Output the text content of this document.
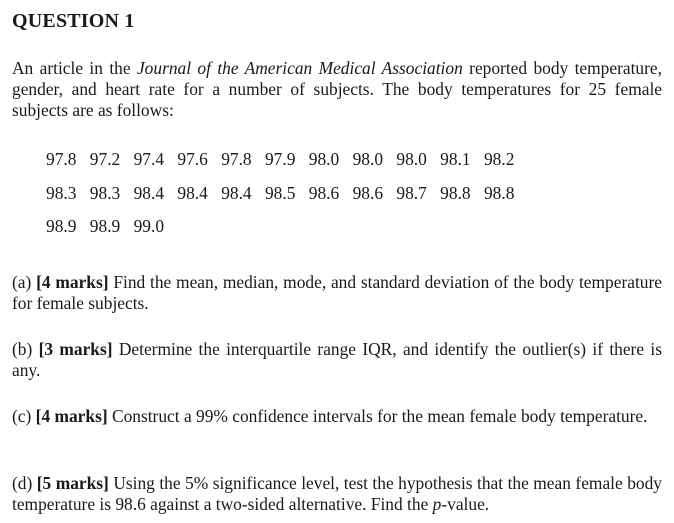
QUESTION 1

An article in the Journal of the American Medical Association reported body temperature, gender, and heart rate for a number of subjects. The body temperatures for 25 female subjects are as follows:

97.8 97.2 97.4 97.6 97.8 97.9 98.0 98.0 98.0 98.1 98.2
98.3 98.3 98.4 98.4 98.4 98.5 98.6 98.6 98.7 98.8 98.8
98.9 98.9 99.0

(a) [4 marks] Find the mean, median, mode, and standard deviation of the body temperature for female subjects.

(b) [3 marks] Determine the interquartile range IQR, and identify the outlier(s) if there is any.

(c) [4 marks] Construct a 99% confidence intervals for the mean female body temperature.

(d) [5 marks] Using the 5% significance level, test the hypothesis that the mean female body temperature is 98.6 against a two-sided alternative. Find the p-value.
